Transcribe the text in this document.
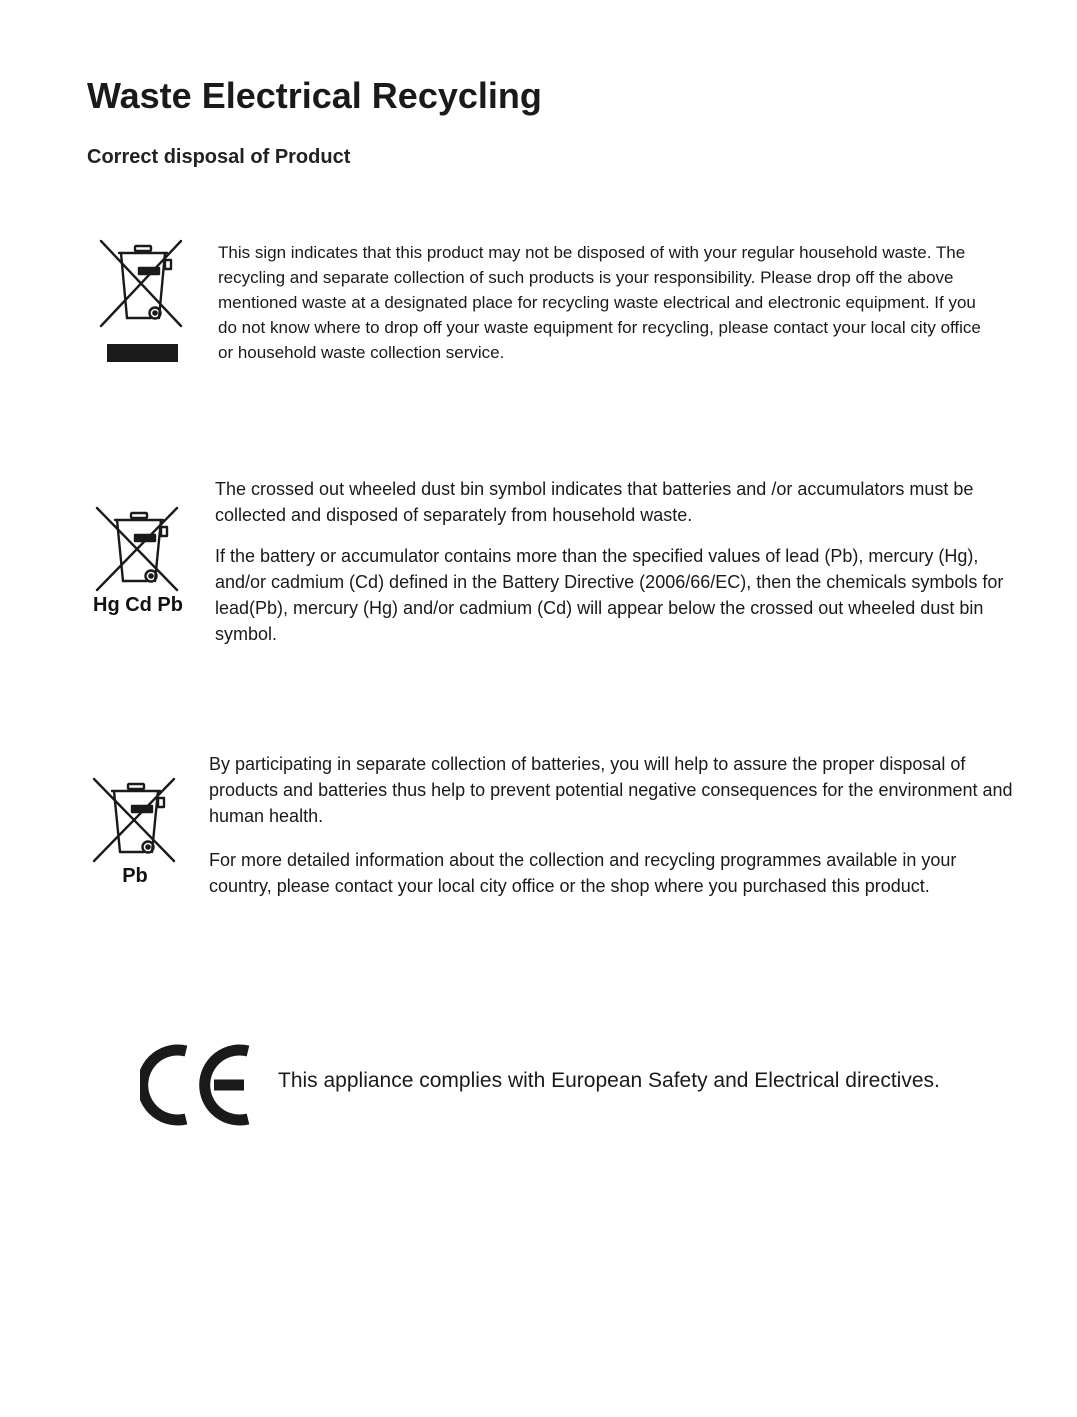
Waste Electrical Recycling
Correct disposal of Product

This sign indicates that this product may not be disposed of with your regular household waste. The recycling and separate collection of such products is your responsibility. Please drop off the above mentioned waste at a designated place for recycling waste electrical and electronic equipment. If you do not know where to drop off your waste equipment for recycling, please contact your local city office or household waste collection service.

Hg Cd Pb

The crossed out wheeled dust bin symbol indicates that batteries and /or accumulators must be collected and disposed of separately from household waste.

If the battery or accumulator contains more than the specified values of lead (Pb), mercury (Hg), and/or cadmium (Cd) defined in the Battery Directive (2006/66/EC), then the chemicals symbols for lead(Pb), mercury (Hg) and/or cadmium (Cd) will appear below the crossed out wheeled dust bin symbol.

Pb

By participating in separate collection of batteries, you will help to assure the proper disposal of products and batteries thus help to prevent potential negative consequences for the environment and human health.

For more detailed information about the collection and recycling programmes available in your country, please contact your local city office or the shop where you purchased this product.

This appliance complies with European Safety and Electrical directives.
